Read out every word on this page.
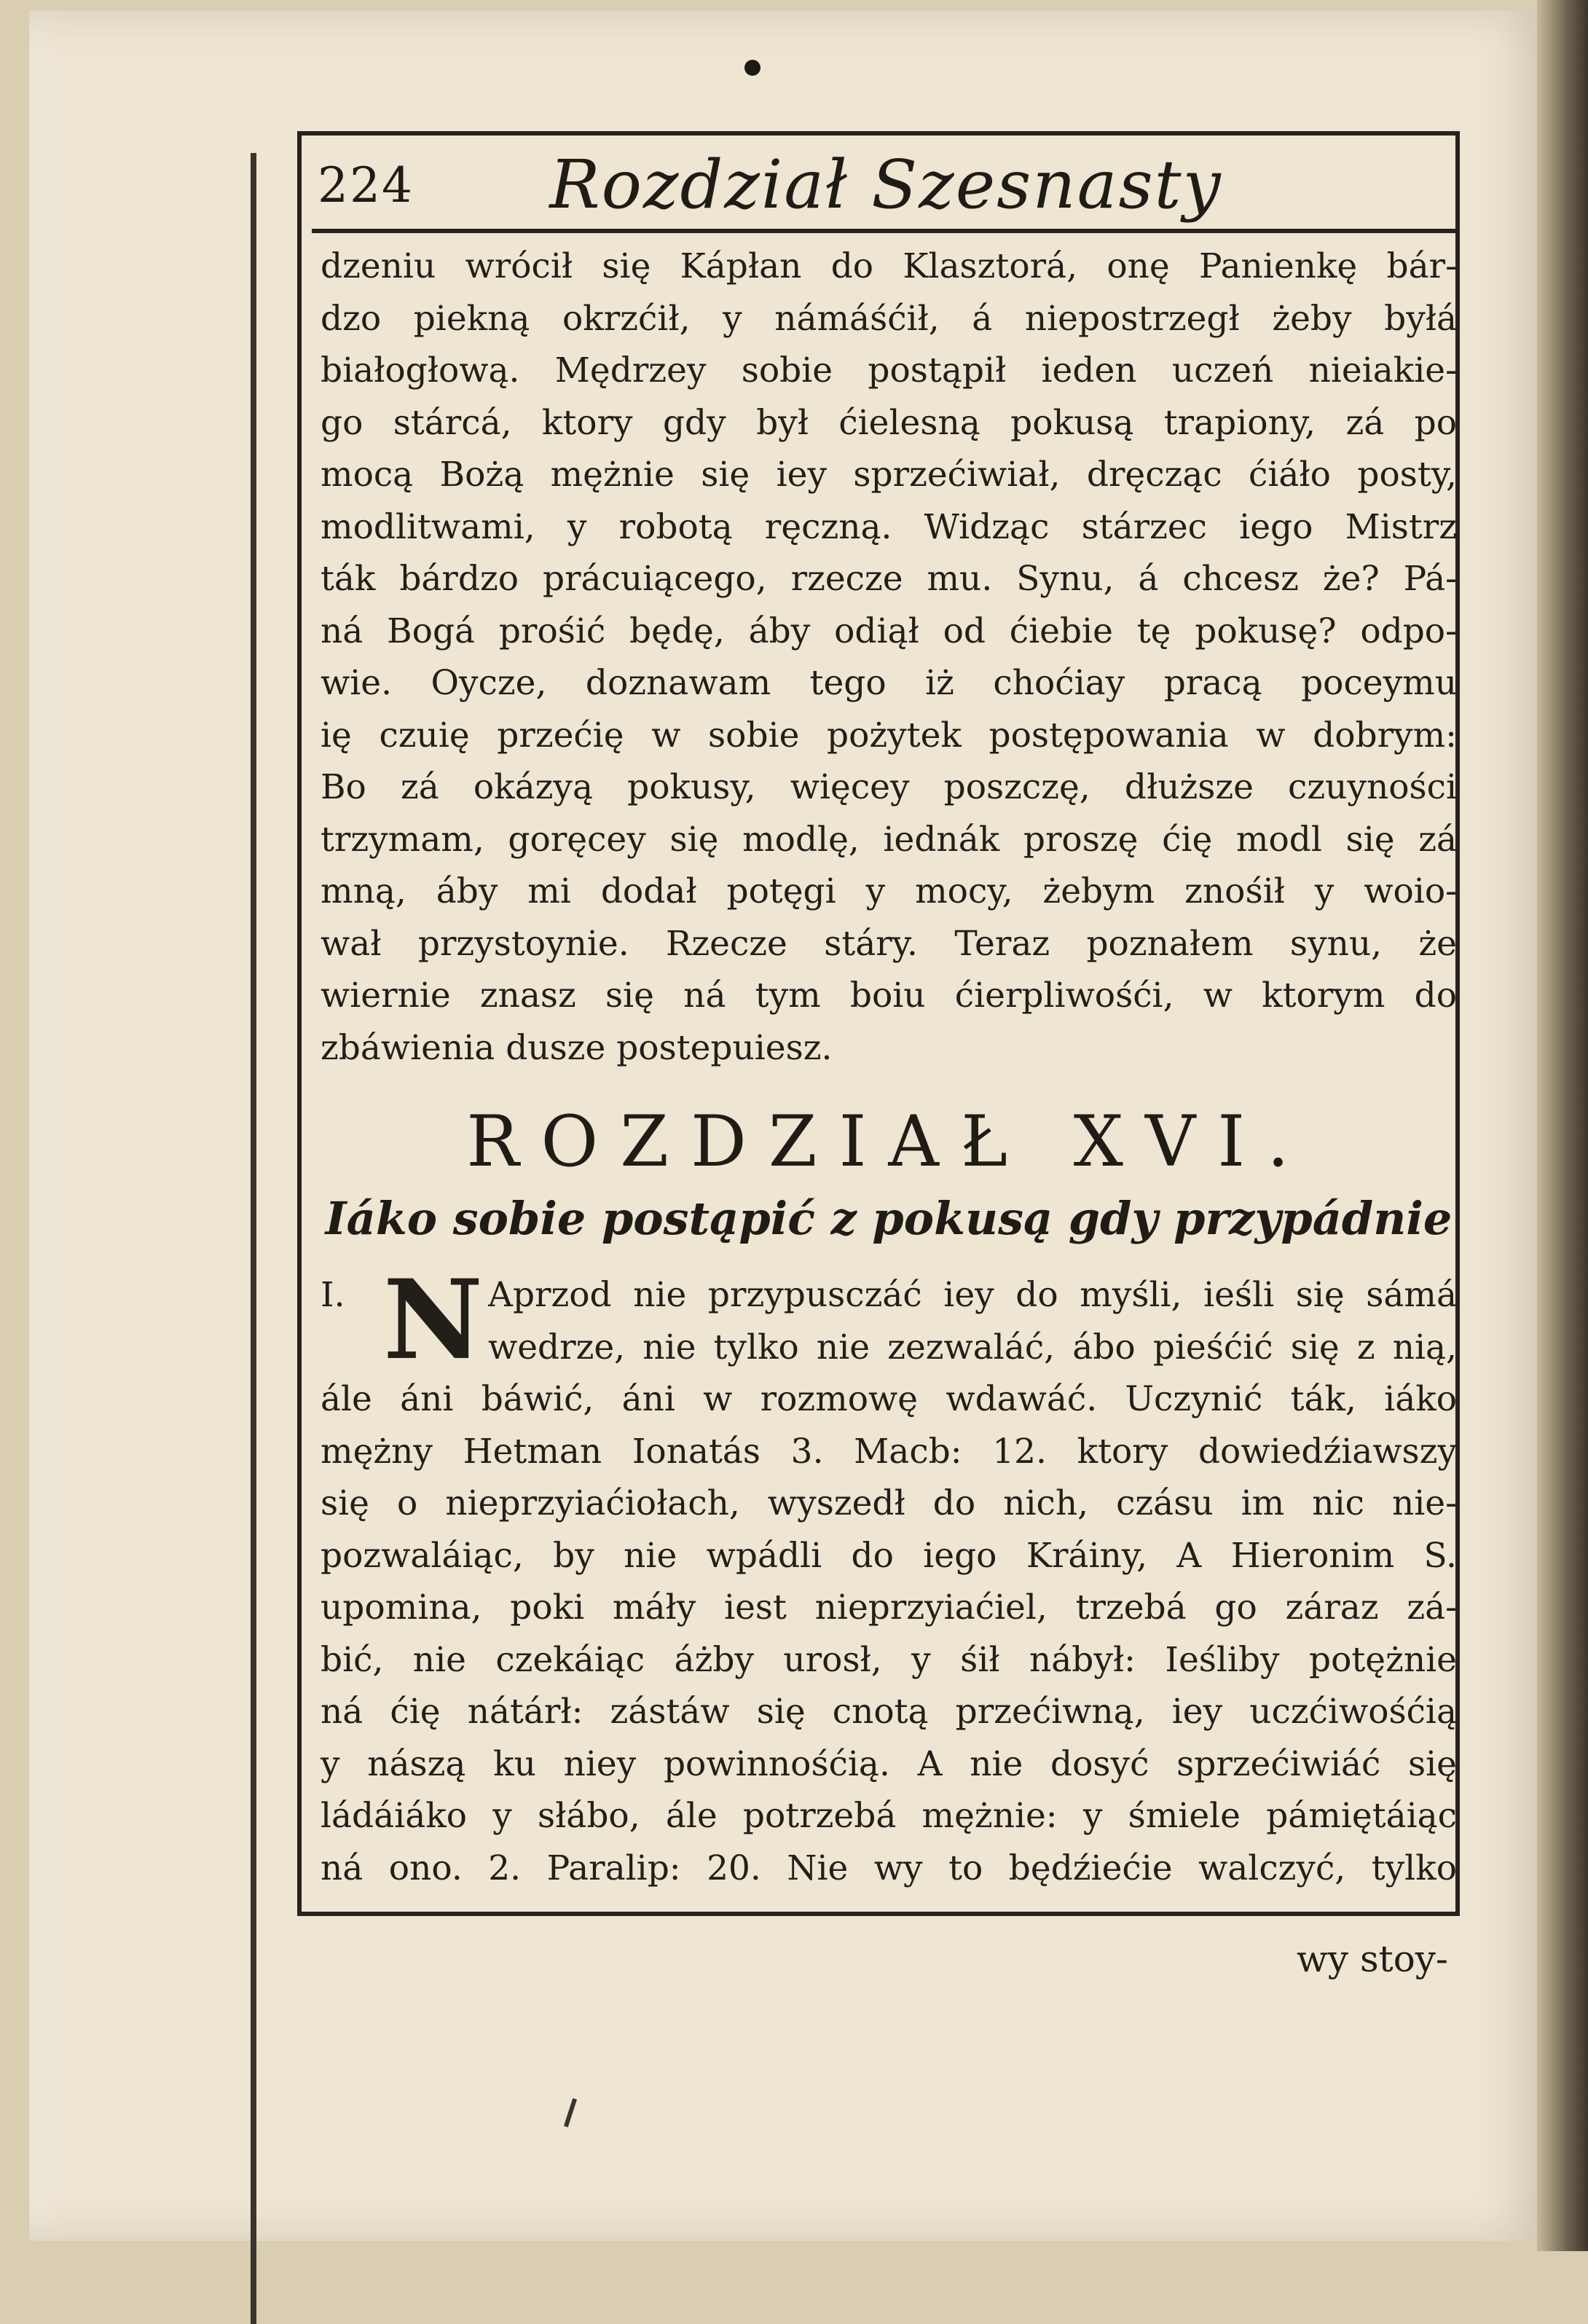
224	Rozdział Szesnasty
dzeniu wrócił się Kápłan do Klasztorá, onę Panienkę bár-
dzo piekną okrzćił, y námáśćił, á niepostrzegł żeby byłá
białogłową. Mędrzey sobie postąpił ieden uczeń nieiakie-
go stárcá, ktory gdy był ćielesną pokusą trapiony, zá po
mocą Bożą mężnie się iey sprzećiwiał, dręcząc ćiáło posty,
modlitwami, y robotą ręczną. Widząc stárzec iego Mistrz
ták bárdzo prácuiącego, rzecze mu. Synu, á chcesz że? Pá-
ná Bogá prośić będę, áby odiął od ćiebie tę pokusę? odpo-
wie. Oycze, doznawam tego iż choćiay pracą poceymu
ię czuię przećię w sobie pożytek postępowania w dobrym:
Bo zá okázyą pokusy, więcey poszczę, dłuższe czuyności
trzymam, goręcey się modlę, iednák proszę ćię modl się zá
mną, áby mi dodał potęgi y mocy, żebym znośił y woio-
wał przystoynie. Rzecze stáry. Teraz poznałem synu, że
wiernie znasz się ná tym boiu ćierpliwośći, w ktorym do
zbáwienia dusze postepuiesz.
ROZDZIAŁ XVI.
Iáko sobie postąpić z pokusą gdy przypádnie
I. N Aprzod nie przypusczáć iey do myśli, ieśli się sámá
wedrze, nie tylko nie zezwaláć, ábo pieśćić się z nią,
ále áni báwić, áni w rozmowę wdawáć. Uczynić ták, iáko
mężny Hetman Ionatás 3. Macb: 12. ktory dowiedźiawszy
się o nieprzyiaćiołach, wyszedł do nich, czásu im nic nie-
pozwaláiąc, by nie wpádli do iego Kráiny, A Hieronim S.
upomina, poki máły iest nieprzyiaćiel, trzebá go záraz zá-
bić, nie czekáiąc áżby urosł, y śił nábył: Ieśliby potężnie
ná ćię nátárł: zástáw się cnotą przećiwną, iey uczćiwośćią
y nászą ku niey powinnośćią. A nie dosyć sprzećiwiáć się
ládáiáko y słábo, ále potrzebá mężnie: y śmiele pámiętáiąc
ná ono. 2. Paralip: 20. Nie wy to będźiećie walczyć, tylko
wy stoy-
